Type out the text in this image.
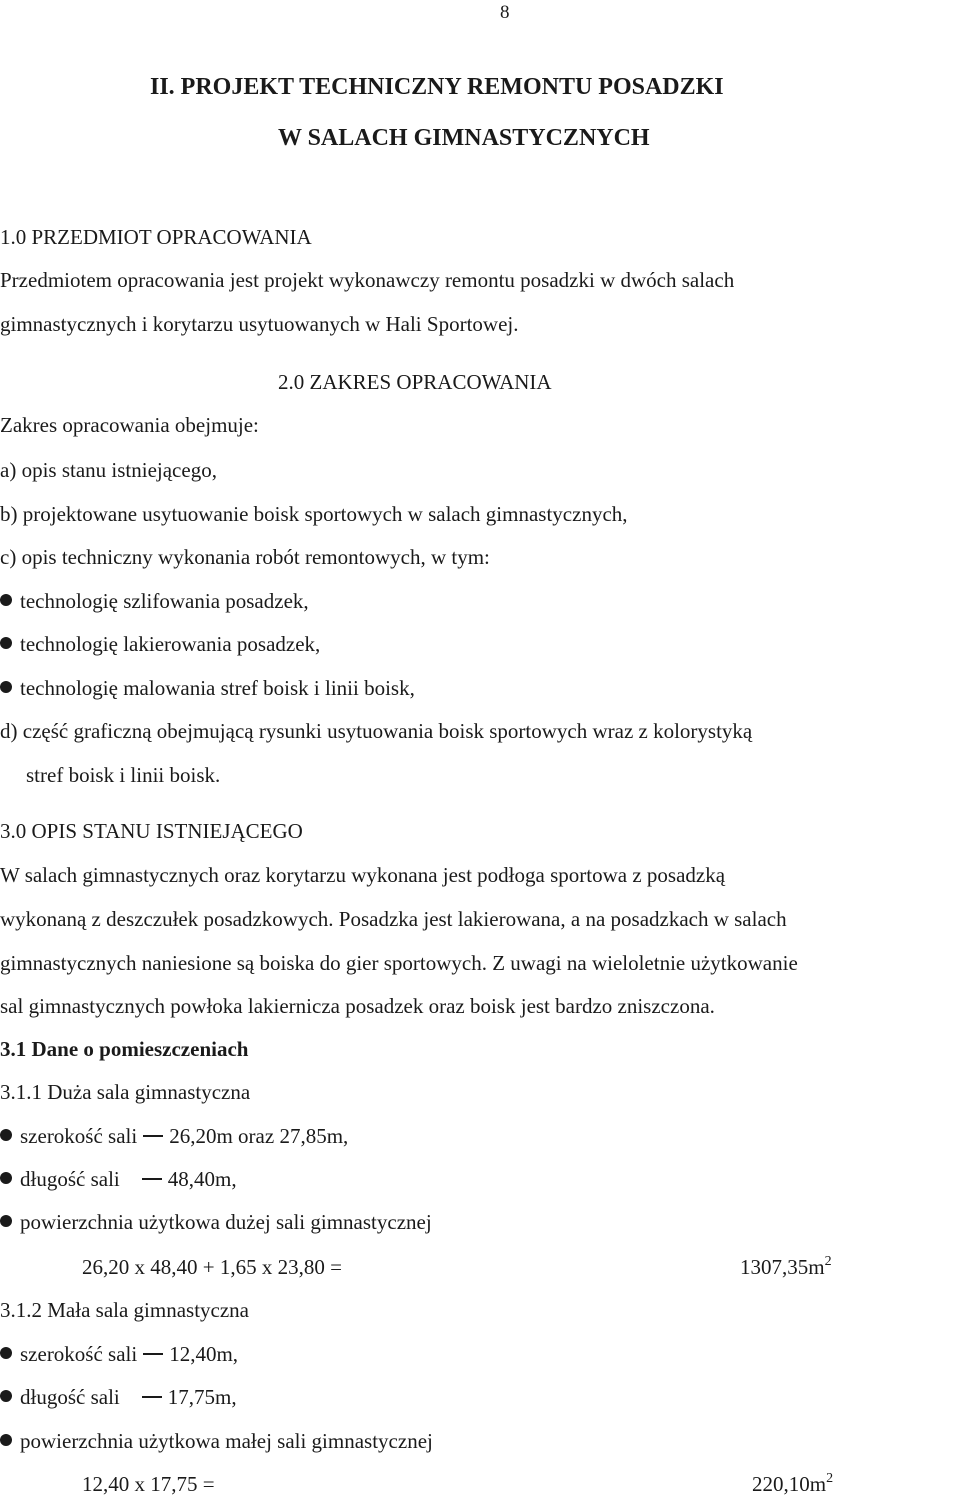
8
II. PROJEKT TECHNICZNY REMONTU POSADZKI
W SALACH GIMNASTYCZNYCH
1.0 PRZEDMIOT OPRACOWANIA
Przedmiotem opracowania jest projekt wykonawczy remontu posadzki w dwóch salach
gimnastycznych i korytarzu usytuowanych w Hali Sportowej.
2.0 ZAKRES OPRACOWANIA
Zakres opracowania obejmuje:
a) opis stanu istniejącego,
b) projektowane usytuowanie boisk sportowych w salach gimnastycznych,
c) opis techniczny wykonania robót remontowych, w tym:
technologię szlifowania posadzek,
technologię lakierowania posadzek,
technologię malowania stref boisk i linii boisk,
d) część graficzną obejmującą rysunki usytuowania boisk sportowych wraz z kolorystyką
stref boisk i linii boisk.
3.0 OPIS STANU ISTNIEJĄCEGO
W salach gimnastycznych oraz korytarzu wykonana jest podłoga sportowa z posadzką
wykonaną z deszczułek posadzkowych. Posadzka jest lakierowana, a na posadzkach w salach
gimnastycznych naniesione są boiska do gier sportowych. Z uwagi na wieloletnie użytkowanie
sal gimnastycznych powłoka lakiernicza posadzek oraz boisk jest bardzo zniszczona.
3.1 Dane o pomieszczeniach
3.1.1 Duża sala gimnastyczna
szerokość sali 26,20m oraz 27,85m,
długość sali 48,40m,
powierzchnia użytkowa dużej sali gimnastycznej
26,20 x 48,40 + 1,65 x 23,80 =	$1307,35m^2$
3.1.2 Mała sala gimnastyczna
szerokość sali 12,40m,
długość sali 17,75m,
powierzchnia użytkowa małej sali gimnastycznej
12,40 x 17,75 =	$220,10m^2$
